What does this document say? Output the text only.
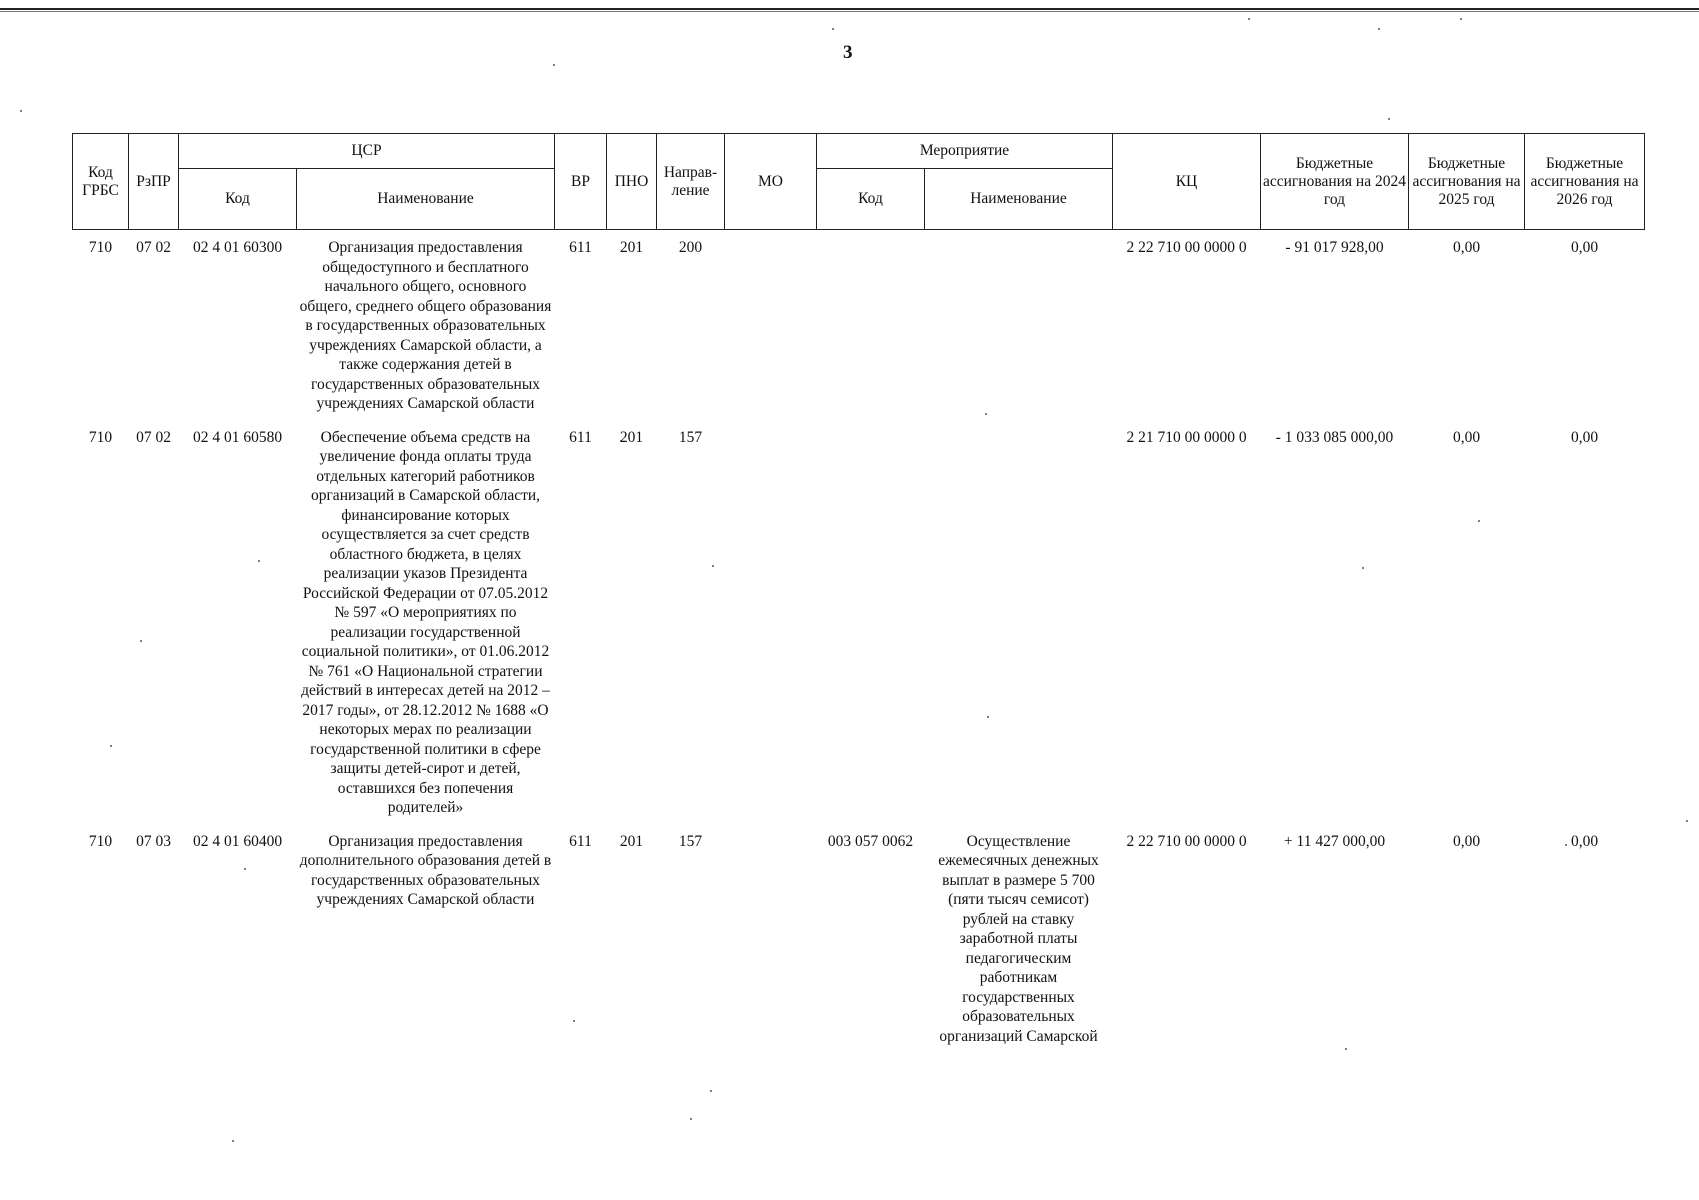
3
Код ГРБС	РзПР	ЦСР		ВР	ПНО	Направ-ление	МО	Мероприятие		КЦ	Бюджетные ассигнования на 2024 год	Бюджетные ассигнования на 2025 год	Бюджетные ассигнования на 2026 год
		Код	Наименование					Код	Наименование				
710	07 02	02 4 01 60300	Организация предоставления общедоступного и бесплатного начального общего, основного общего, среднего общего образования в государственных образовательных учреждениях Самарской области, а также содержания детей в государственных образовательных учреждениях Самарской области	611	201	200				2 22 710 00 0000 0	- 91 017 928,00	0,00	0,00
710	07 02	02 4 01 60580	Обеспечение объема средств на увеличение фонда оплаты труда отдельных категорий работников организаций в Самарской области, финансирование которых осуществляется за счет средств областного бюджета, в целях реализации указов Президента Российской Федерации от 07.05.2012 № 597 «О мероприятиях по реализации государственной социальной политики», от 01.06.2012 № 761 «О Национальной стратегии действий в интересах детей на 2012 – 2017 годы», от 28.12.2012 № 1688 «О некоторых мерах по реализации государственной политики в сфере защиты детей-сирот и детей, оставшихся без попечения родителей»	611	201	157				2 21 710 00 0000 0	- 1 033 085 000,00	0,00	0,00
710	07 03	02 4 01 60400	Организация предоставления дополнительного образования детей в государственных образовательных учреждениях Самарской области	611	201	157		003 057 0062	Осуществление ежемесячных денежных выплат в размере 5 700 (пяти тысяч семисот) рублей на ставку заработной платы педагогическим работникам государственных образовательных организаций Самарской	2 22 710 00 0000 0	+ 11 427 000,00	0,00	0,00
